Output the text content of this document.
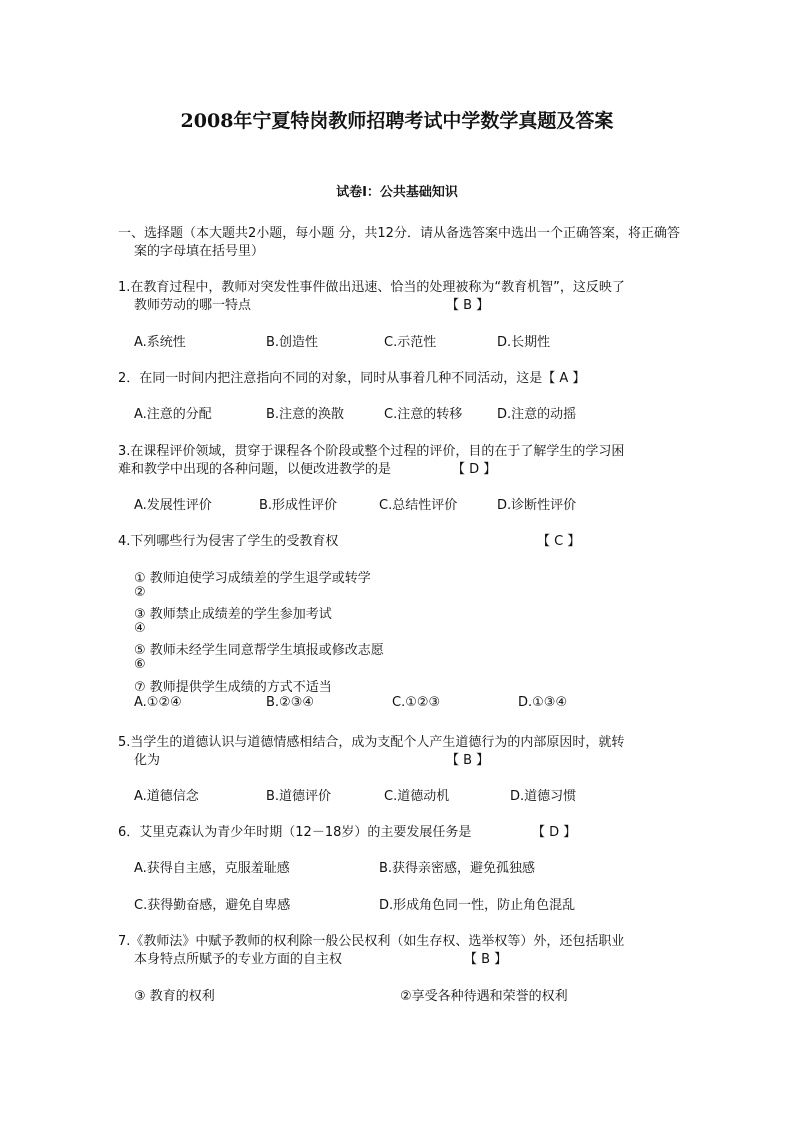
2008年宁夏特岗教师招聘考试中学数学真题及答案
试卷Ⅰ：公共基础知识
一、选择题（本大题共2小题，每小题 分，共12分．请从备选答案中选出一个正确答案，将正确答
案的字母填在括号里）
1.在教育过程中，教师对突发性事件做出迅速、恰当的处理被称为“教育机智”，这反映了
教师劳动的哪一特点	【 B 】
A.系统性	B.创造性	C.示范性	D.长期性
2．在同一时间内把注意指向不同的对象，同时从事着几种不同活动，这是【 A 】
A.注意的分配	B.注意的涣散	C.注意的转移	D.注意的动摇
3.在课程评价领域，贯穿于课程各个阶段或整个过程的评价，目的在于了解学生的学习困
难和教学中出现的各种问题，以便改进教学的是	【 D 】
A.发展性评价	B.形成性评价	C.总结性评价	D.诊断性评价
4.下列哪些行为侵害了学生的受教育权	【 C 】
① 教师迫使学习成绩差的学生退学或转学
②
③ 教师禁止成绩差的学生参加考试
④
⑤ 教师未经学生同意帮学生填报或修改志愿
⑥
⑦ 教师提供学生成绩的方式不适当
A.①②④	B.②③④	C.①②③	D.①③④
5.当学生的道德认识与道德情感相结合，成为支配个人产生道德行为的内部原因时，就转
化为	【 B 】
A.道德信念	B.道德评价	C.道德动机	D.道德习惯
6．艾里克森认为青少年时期（12－18岁）的主要发展任务是	【 D 】
A.获得自主感，克服羞耻感	B.获得亲密感，避免孤独感
C.获得勤奋感，避免自卑感	D.形成角色同一性，防止角色混乱
7.《教师法》中赋予教师的权利除一般公民权利（如生存权、选举权等）外，还包括职业
本身特点所赋予的专业方面的自主权	【 B 】
③ 教育的权利	②享受各种待遇和荣誉的权利
